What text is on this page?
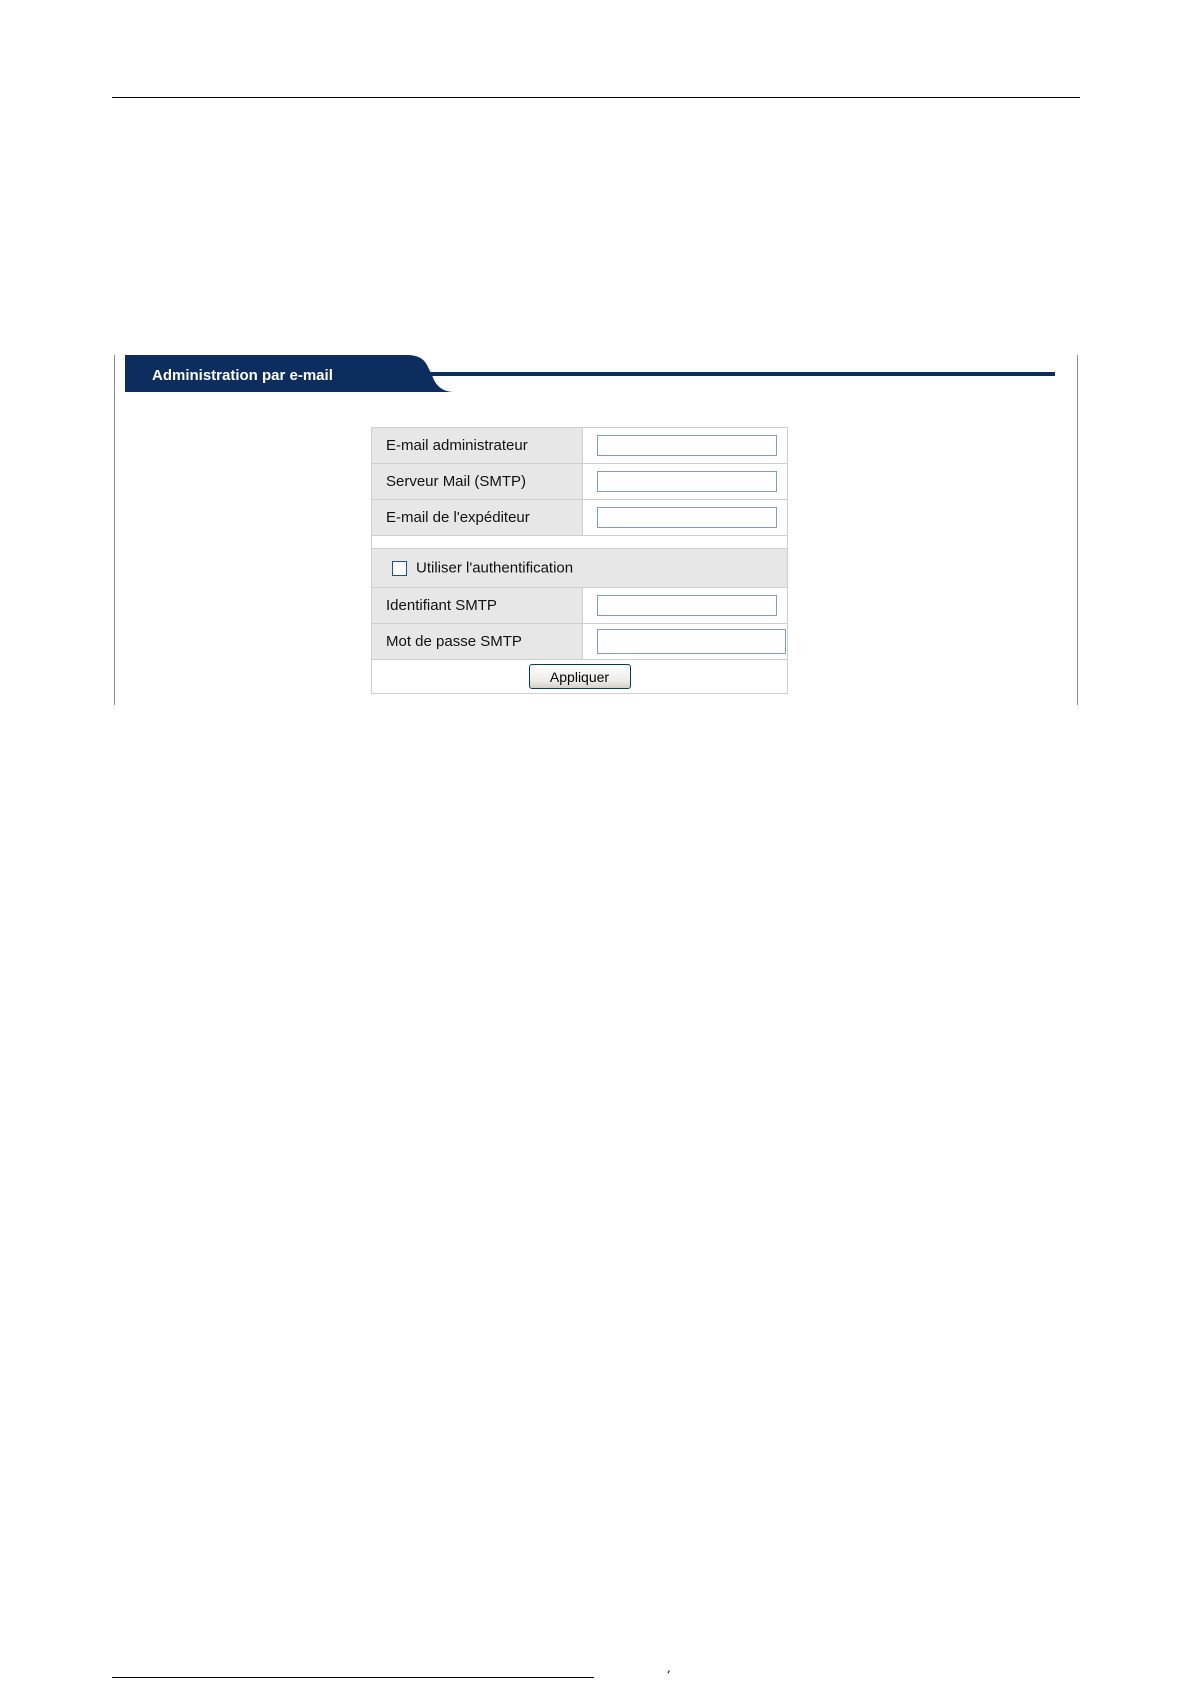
Administration par e-mail
E-mail administrateur	

Serveur Mail (SMTP)	

E-mail de l'expéditeur	

Utiliser l'authentification	
Identifiant SMTP	

Mot de passe SMTP	

Appliquer	
